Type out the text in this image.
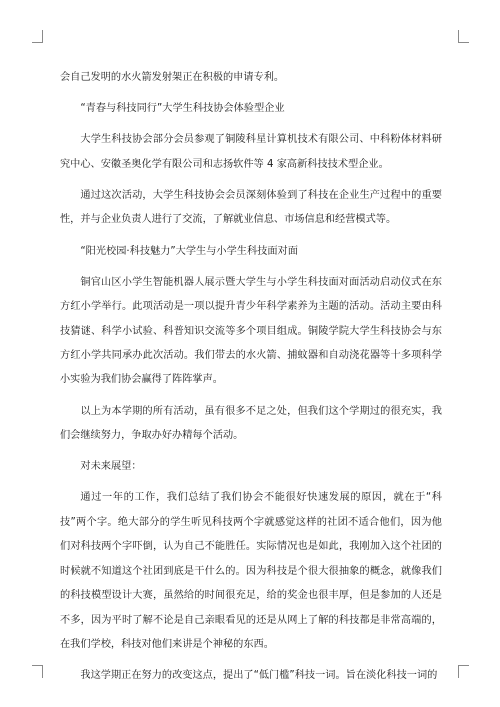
会自己发明的水火箭发射架正在积极的申请专利。

“青春与科技同行”大学生科技协会体验型企业

大学生科技协会部分会员参观了铜陵科星计算机技术有限公司、中科粉体材料研究中心、安徽圣奥化学有限公司和志扬软件等 4 家高新科技技术型企业。

通过这次活动，大学生科技协会会员深刻体验到了科技在企业生产过程中的重要性，并与企业负责人进行了交流，了解就业信息、市场信息和经营模式等。

“阳光校园·科技魅力”大学生与小学生科技面对面

铜官山区小学生智能机器人展示暨大学生与小学生科技面对面活动启动仪式在东方红小学举行。此项活动是一项以提升青少年科学素养为主题的活动。活动主要由科技猜谜、科学小试验、科普知识交流等多个项目组成。铜陵学院大学生科技协会与东方红小学共同承办此次活动。我们带去的水火箭、捕蚊器和自动浇花器等十多项科学小实验为我们协会赢得了阵阵掌声。

以上为本学期的所有活动，虽有很多不足之处，但我们这个学期过的很充实，我们会继续努力，争取办好办精每个活动。

对未来展望：

通过一年的工作，我们总结了我们协会不能很好快速发展的原因，就在于“科技”两个字。绝大部分的学生听见科技两个字就感觉这样的社团不适合他们，因为他们对科技两个字吓倒，认为自己不能胜任。实际情况也是如此，我刚加入这个社团的时候就不知道这个社团到底是干什么的。因为科技是个很大很抽象的概念，就像我们的科技模型设计大赛，虽然给的时间很充足，给的奖金也很丰厚，但是参加的人还是不多，因为平时了解不论是自己亲眼看见的还是从网上了解的科技都是非常高端的，在我们学校，科技对他们来讲是个神秘的东西。

我这学期正在努力的改变这点，提出了“低门槛”科技一词。旨在淡化科技一词的
